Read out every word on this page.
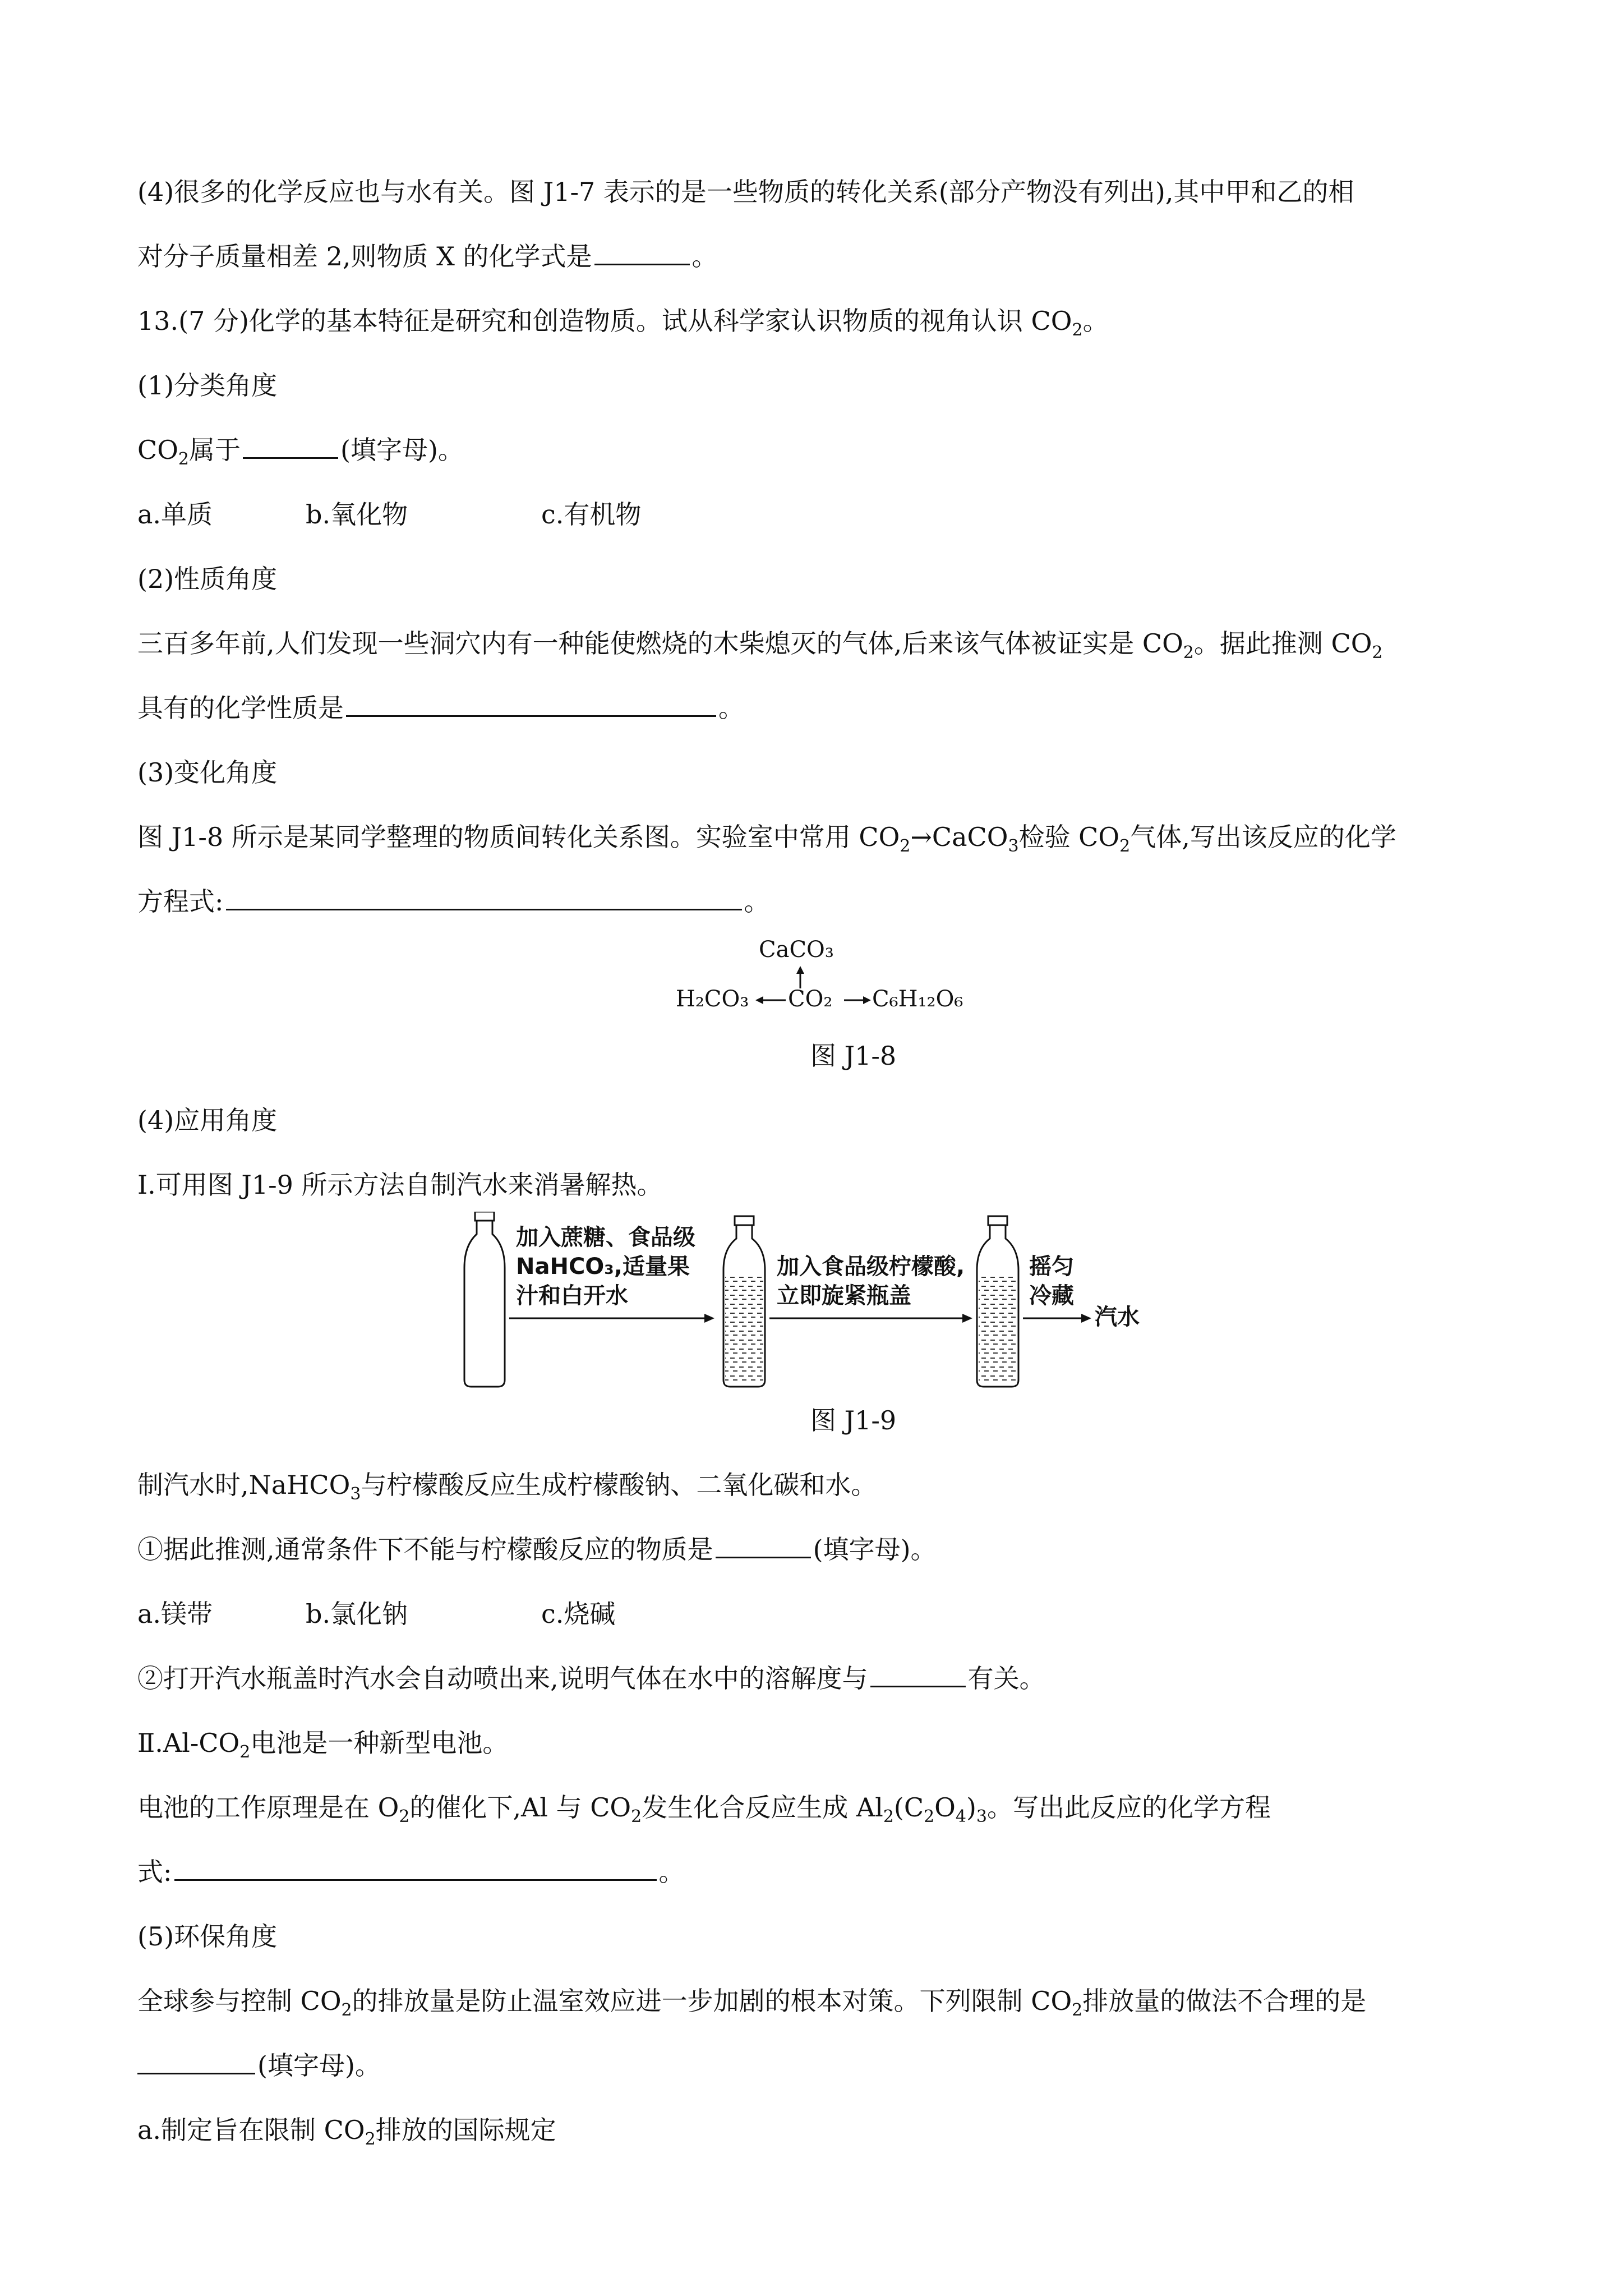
(4)很多的化学反应也与水有关。图 J1-7 表示的是一些物质的转化关系(部分产物没有列出),其中甲和乙的相
对分子质量相差 2,则物质 X 的化学式是	。
13.(7 分)化学的基本特征是研究和创造物质。试从科学家认识物质的视角认识 $CO_2$。
(1)分类角度
$CO_2$属于	(填字母)。
a.单质	b.氧化物	c.有机物
(2)性质角度
三百多年前,人们发现一些洞穴内有一种能使燃烧的木柴熄灭的气体,后来该气体被证实是 $CO_2$。据此推测 $CO_2$
具有的化学性质是	。
(3)变化角度
图 J1-8 所示是某同学整理的物质间转化关系图。实验室中常用 $CO_2\to CaCO_3$检验 $CO_2$气体,写出该反应的化学
方程式:	。
CaCO₃
H₂CO₃ CO₂ C₆H₁₂O₆
图 J1-8
(4)应用角度
Ⅰ.可用图 J1-9 所示方法自制汽水来消暑解热。
加入蔗糖、食品级
NaHCO₃,适量果
汁和白开水
加入食品级柠檬酸,
立即旋紧瓶盖
摇匀
冷藏
汽水
图 J1-9
制汽水时,NaHCO$_3$与柠檬酸反应生成柠檬酸钠、二氧化碳和水。
①据此推测,通常条件下不能与柠檬酸反应的物质是	(填字母)。
a.镁带	b.氯化钠	c.烧碱
②打开汽水瓶盖时汽水会自动喷出来,说明气体在水中的溶解度与	有关。
$Ⅱ.Al-CO_2$电池是一种新型电池。
电池的工作原理是在 $O_2$的催化下,Al 与 $CO_2$发生化合反应生成 $Al_2(C_2O_4)_3$。写出此反应的化学方程
式:	。
(5)环保角度
全球参与控制 $CO_2$的排放量是防止温室效应进一步加剧的根本对策。下列限制 $CO_2$排放量的做法不合理的是
(填字母)。
a.制定旨在限制 $CO_2$排放的国际规定
